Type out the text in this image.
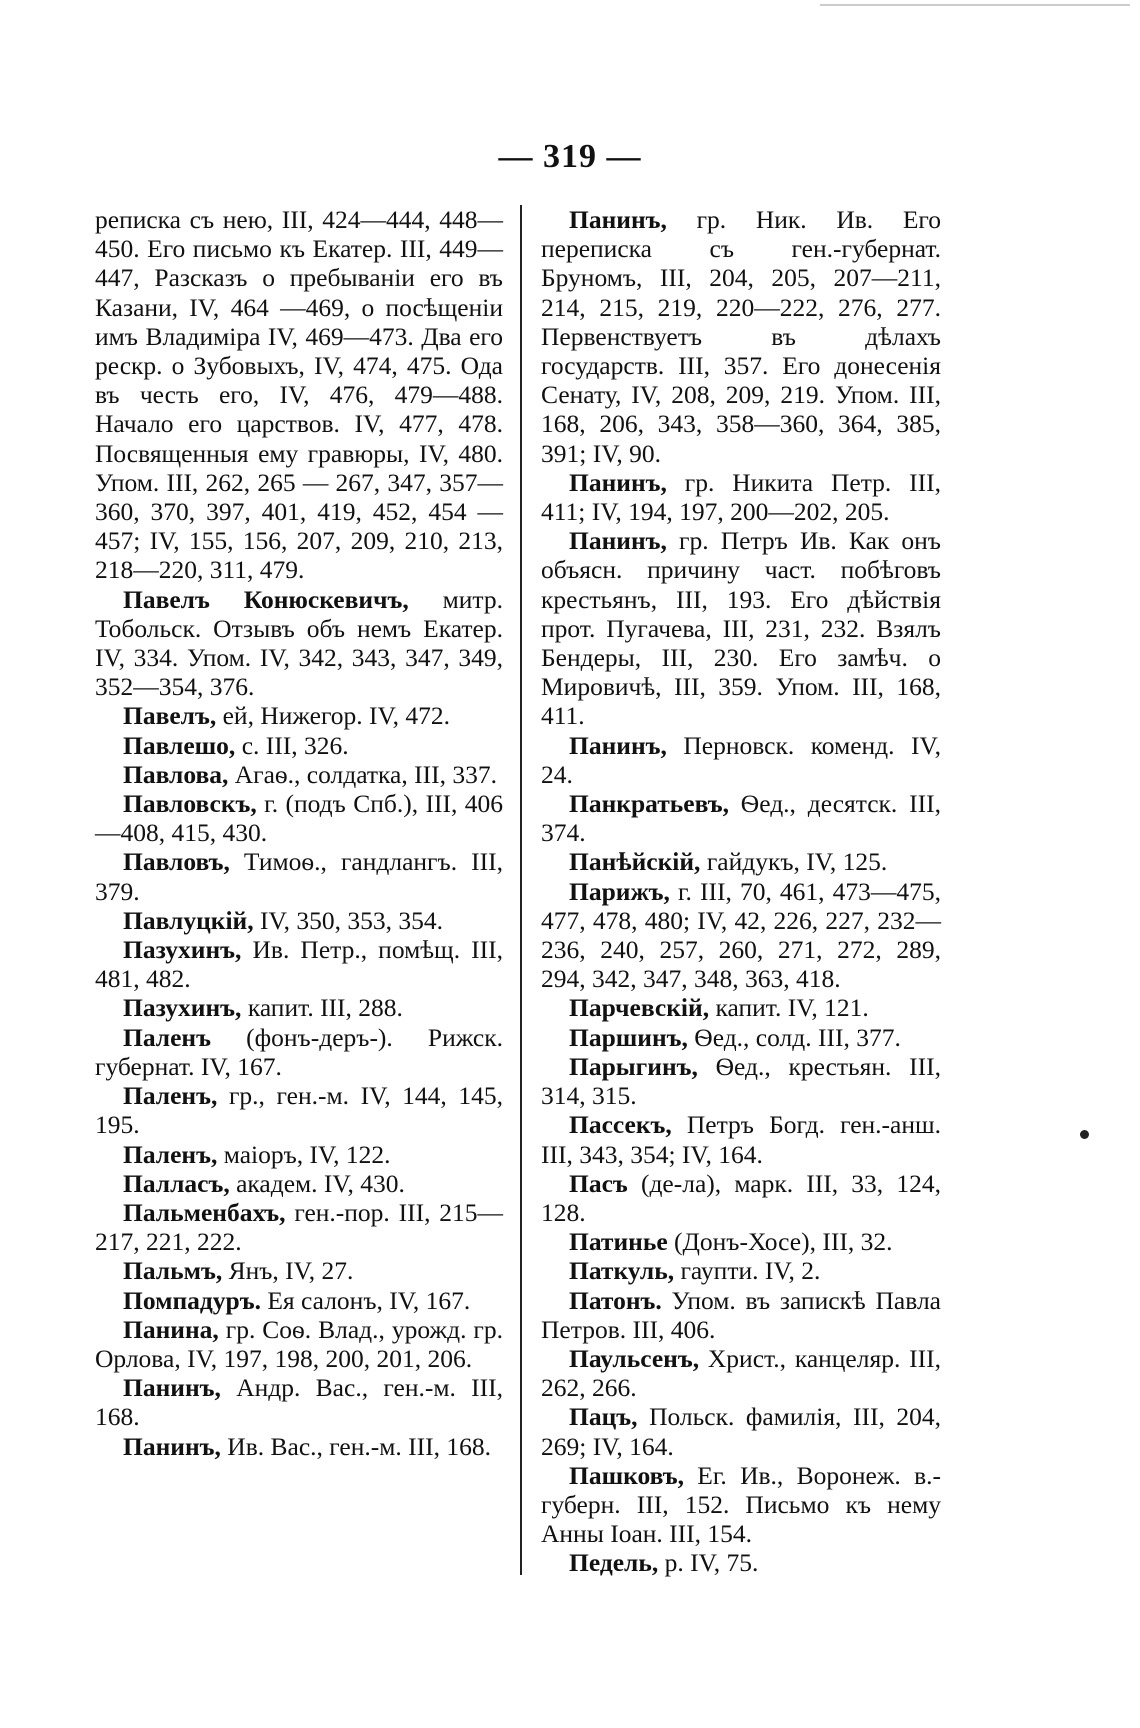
— 319 —

реписка съ нею, III, 424—444, 448—450. Его письмо къ Екатер. III, 449—447, Разсказъ о пребываніи его въ Казани, IV, 464 —469, о посѣщеніи имъ Владиміра IV, 469—473. Два его рескр. о Зубовыхъ, IV, 474, 475. Ода въ честь его, IV, 476, 479—488. Начало его царствов. IV, 477, 478. Посвященныя ему гравюры, IV, 480. Упом. III, 262, 265 — 267, 347, 357—360, 370, 397, 401, 419, 452, 454 — 457; IV, 155, 156, 207, 209, 210, 213, 218—220, 311, 479.

Павелъ Конюскевичъ, митр. Тобольск. Отзывъ объ немъ Екатер. IV, 334. Упом. IV, 342, 343, 347, 349, 352—354, 376.

Павелъ, ей, Нижегор. IV, 472.

Павлешо, с. III, 326.

Павлова, Агаѳ., солдатка, III, 337.

Павловскъ, г. (подъ Спб.), III, 406—408, 415, 430.

Павловъ, Тимоѳ., гандлангъ. III, 379.

Павлуцкій, IV, 350, 353, 354.

Пазухинъ, Ив. Петр., помѣщ. III, 481, 482.

Пазухинъ, капит. III, 288.

Паленъ (фонъ-деръ-). Рижск. губернат. IV, 167.

Паленъ, гр., ген.-м. IV, 144, 145, 195.

Паленъ, маіоръ, IV, 122.

Палласъ, академ. IV, 430.

Пальменбахъ, ген.-пор. III, 215—217, 221, 222.

Пальмъ, Янъ, IV, 27.

Помпадуръ. Ея салонъ, IV, 167.

Панина, гр. Соѳ. Влад., урожд. гр. Орлова, IV, 197, 198, 200, 201, 206.

Панинъ, Андр. Вас., ген.-м. III, 168.

Панинъ, Ив. Вас., ген.-м. III, 168.

Панинъ, гр. Ник. Ив. Его переписка съ ген.-губернат. Бруномъ, III, 204, 205, 207—211, 214, 215, 219, 220—222, 276, 277. Первенствуетъ въ дѣлахъ государств. III, 357. Его донесенія Сенату, IV, 208, 209, 219. Упом. III, 168, 206, 343, 358—360, 364, 385, 391; IV, 90.

Панинъ, гр. Никита Петр. III, 411; IV, 194, 197, 200—202, 205.

Панинъ, гр. Петръ Ив. Как онъ объясн. причину част. побѣговъ крестьянъ, III, 193. Его дѣйствія прот. Пугачева, III, 231, 232. Взялъ Бендеры, III, 230. Его замѣч. о Мировичѣ, III, 359. Упом. III, 168, 411.

Панинъ, Перновск. коменд. IV, 24.

Панкратьевъ, Ѳед., десятск. III, 374.

Панѣйскій, гайдукъ, IV, 125.

Парижъ, г. III, 70, 461, 473—475, 477, 478, 480; IV, 42, 226, 227, 232—236, 240, 257, 260, 271, 272, 289, 294, 342, 347, 348, 363, 418.

Парчевскій, капит. IV, 121.

Паршинъ, Ѳед., солд. III, 377.

Парыгинъ, Ѳед., крестьян. III, 314, 315.

Пассекъ, Петръ Богд. ген.-анш. III, 343, 354; IV, 164.

Пасъ (де-ла), марк. III, 33, 124, 128.

Патинье (Донъ-Хосе), III, 32.

Паткуль, гаупти. IV, 2.

Патонъ. Упом. въ запискѣ Павла Петров. III, 406.

Паульсенъ, Христ., канцеляр. III, 262, 266.

Пацъ, Польск. фамилія, III, 204, 269; IV, 164.

Пашковъ, Ег. Ив., Воронеж. в.-губерн. III, 152. Письмо къ нему Анны Іоан. III, 154.

Педель, р. IV, 75.
